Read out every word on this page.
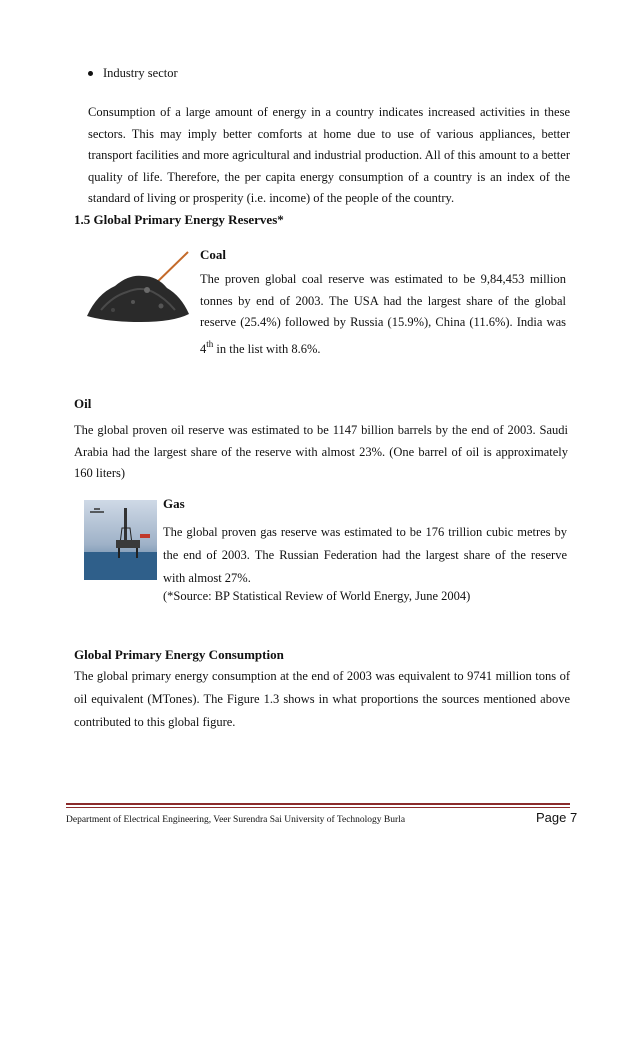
Industry sector
Consumption of a large amount of energy in a country indicates increased activities in these sectors. This may imply better comforts at home due to use of various appliances, better transport facilities and more agricultural and industrial production. All of this amount to a better quality of life. Therefore, the per capita energy consumption of a country is an index of the standard of living or prosperity (i.e. income) of the people of the country.
1.5 Global Primary Energy Reserves*
Coal
The proven global coal reserve was estimated to be 9,84,453 million tonnes by end of 2003. The USA had the largest share of the global reserve (25.4%) followed by Russia (15.9%), China (11.6%). India was 4th in the list with 8.6%.
Oil
The global proven oil reserve was estimated to be 1147 billion barrels by the end of 2003. Saudi Arabia had the largest share of the reserve with almost 23%. (One barrel of oil is approximately 160 liters)
Gas
The global proven gas reserve was estimated to be 176 trillion cubic metres by the end of 2003. The Russian Federation had the largest share of the reserve with almost 27%.
(*Source: BP Statistical Review of World Energy, June 2004)
Global Primary Energy Consumption
The global primary energy consumption at the end of 2003 was equivalent to 9741 million tons of oil equivalent (MTones). The Figure 1.3 shows in what proportions the sources mentioned above contributed to this global figure.
Department of Electrical Engineering, Veer Surendra Sai University of Technology Burla	Page 7
